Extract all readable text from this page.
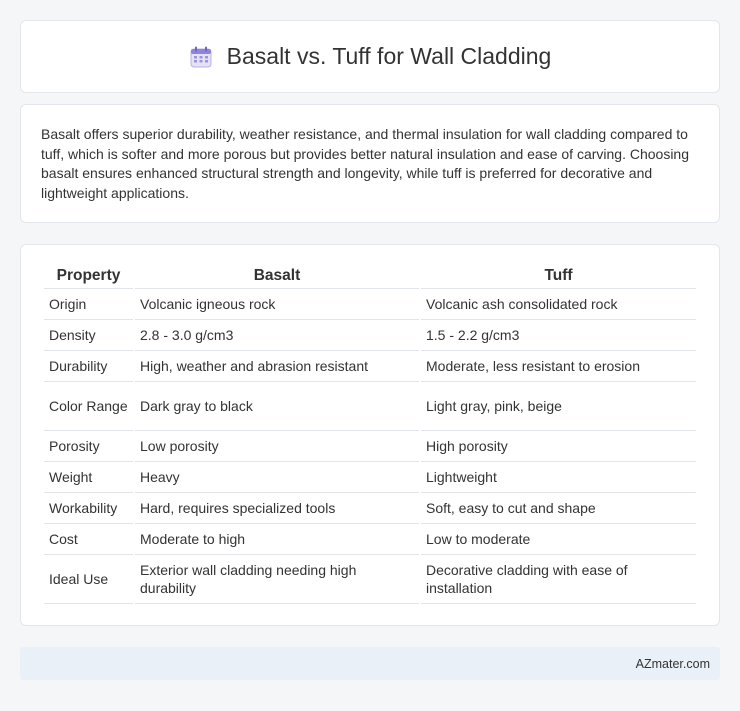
Basalt vs. Tuff for Wall Cladding

Basalt offers superior durability, weather resistance, and thermal insulation for wall cladding compared to tuff, which is softer and more porous but provides better natural insulation and ease of carving. Choosing basalt ensures enhanced structural strength and longevity, while tuff is preferred for decorative and lightweight applications.

Property	Basalt	Tuff
Origin	Volcanic igneous rock	Volcanic ash consolidated rock
Density	2.8 - 3.0 g/cm3	1.5 - 2.2 g/cm3
Durability	High, weather and abrasion resistant	Moderate, less resistant to erosion
Color Range	Dark gray to black	Light gray, pink, beige
Porosity	Low porosity	High porosity
Weight	Heavy	Lightweight
Workability	Hard, requires specialized tools	Soft, easy to cut and shape
Cost	Moderate to high	Low to moderate
Ideal Use	Exterior wall cladding needing high durability	Decorative cladding with ease of installation
AZmater.com
